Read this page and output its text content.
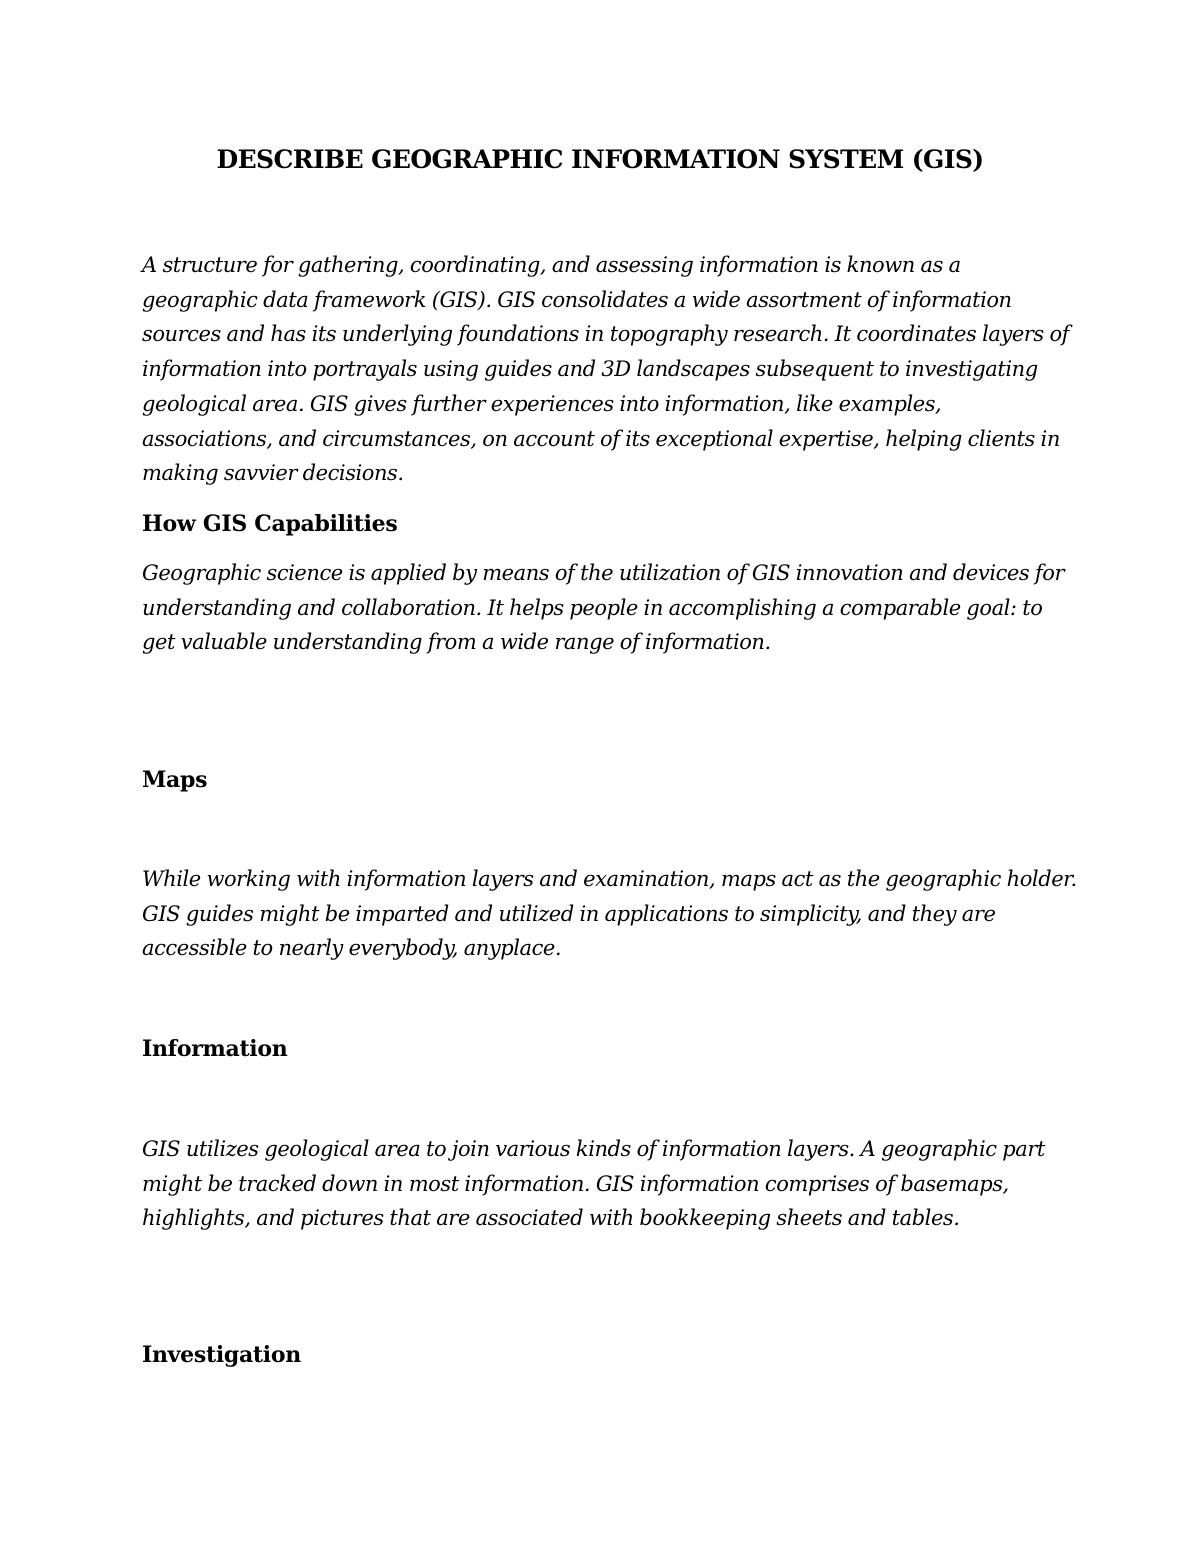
DESCRIBE GEOGRAPHIC INFORMATION SYSTEM (GIS)

A structure for gathering, coordinating, and assessing information is known as a geographic data framework (GIS). GIS consolidates a wide assortment of information sources and has its underlying foundations in topography research. It coordinates layers of information into portrayals using guides and 3D landscapes subsequent to investigating geological area. GIS gives further experiences into information, like examples, associations, and circumstances, on account of its exceptional expertise, helping clients in making savvier decisions.

How GIS Capabilities

Geographic science is applied by means of the utilization of GIS innovation and devices for understanding and collaboration. It helps people in accomplishing a comparable goal: to get valuable understanding from a wide range of information.

Maps

While working with information layers and examination, maps act as the geographic holder. GIS guides might be imparted and utilized in applications to simplicity, and they are accessible to nearly everybody, anyplace.

Information

GIS utilizes geological area to join various kinds of information layers. A geographic part might be tracked down in most information. GIS information comprises of basemaps, highlights, and pictures that are associated with bookkeeping sheets and tables.

Investigation
